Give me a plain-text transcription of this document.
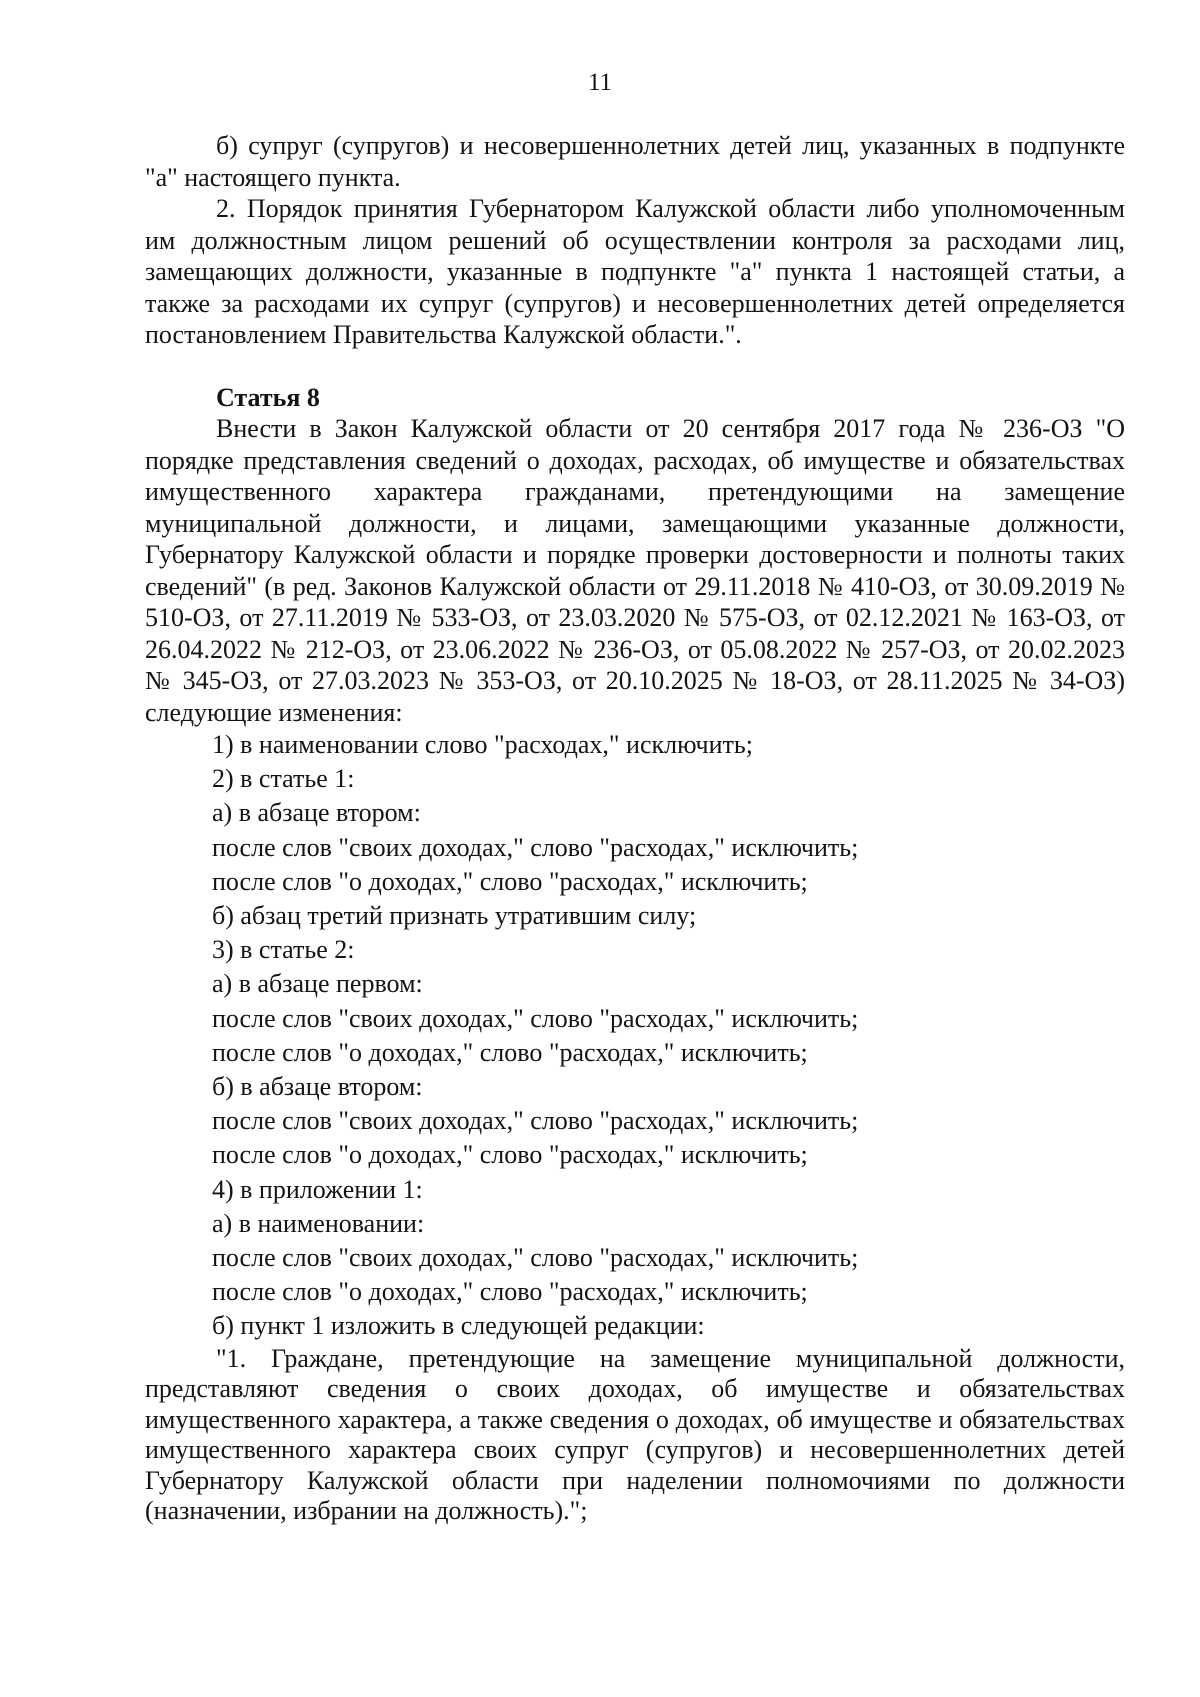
11

б) супруг (супругов) и несовершеннолетних детей лиц, указанных в подпункте "а" настоящего пункта.

2. Порядок принятия Губернатором Калужской области либо уполномоченным им должностным лицом решений об осуществлении контроля за расходами лиц, замещающих должности, указанные в подпункте "а" пункта 1 настоящей статьи, а также за расходами их супруг (супругов) и несовершеннолетних детей определяется постановлением Правительства Калужской области.".

Статья 8

Внести в Закон Калужской области от 20 сентября 2017 года № 236-ОЗ "О порядке представления сведений о доходах, расходах, об имуществе и обязательствах имущественного характера гражданами, претендующими на замещение муниципальной должности, и лицами, замещающими указанные должности, Губернатору Калужской области и порядке проверки достоверности и полноты таких сведений" (в ред. Законов Калужской области от 29.11.2018 № 410-ОЗ, от 30.09.2019 № 510-ОЗ, от 27.11.2019 № 533-ОЗ, от 23.03.2020 № 575-ОЗ, от 02.12.2021 № 163-ОЗ, от 26.04.2022 № 212-ОЗ, от 23.06.2022 № 236-ОЗ, от 05.08.2022 № 257-ОЗ, от 20.02.2023 № 345-ОЗ, от 27.03.2023 № 353-ОЗ, от 20.10.2025 № 18-ОЗ, от 28.11.2025 № 34-ОЗ) следующие изменения:

1) в наименовании слово "расходах," исключить;

2) в статье 1:

а) в абзаце втором:

после слов "своих доходах," слово "расходах," исключить;

после слов "о доходах," слово "расходах," исключить;

б) абзац третий признать утратившим силу;

3) в статье 2:

а) в абзаце первом:

после слов "своих доходах," слово "расходах," исключить;

после слов "о доходах," слово "расходах," исключить;

б) в абзаце втором:

после слов "своих доходах," слово "расходах," исключить;

после слов "о доходах," слово "расходах," исключить;

4) в приложении 1:

а) в наименовании:

после слов "своих доходах," слово "расходах," исключить;

после слов "о доходах," слово "расходах," исключить;

б) пункт 1 изложить в следующей редакции:

"1. Граждане, претендующие на замещение муниципальной должности, представляют сведения о своих доходах, об имуществе и обязательствах имущественного характера, а также сведения о доходах, об имуществе и обязательствах имущественного характера своих супруг (супругов) и несовершеннолетних детей Губернатору Калужской области при наделении полномочиями по должности (назначении, избрании на должность).";
